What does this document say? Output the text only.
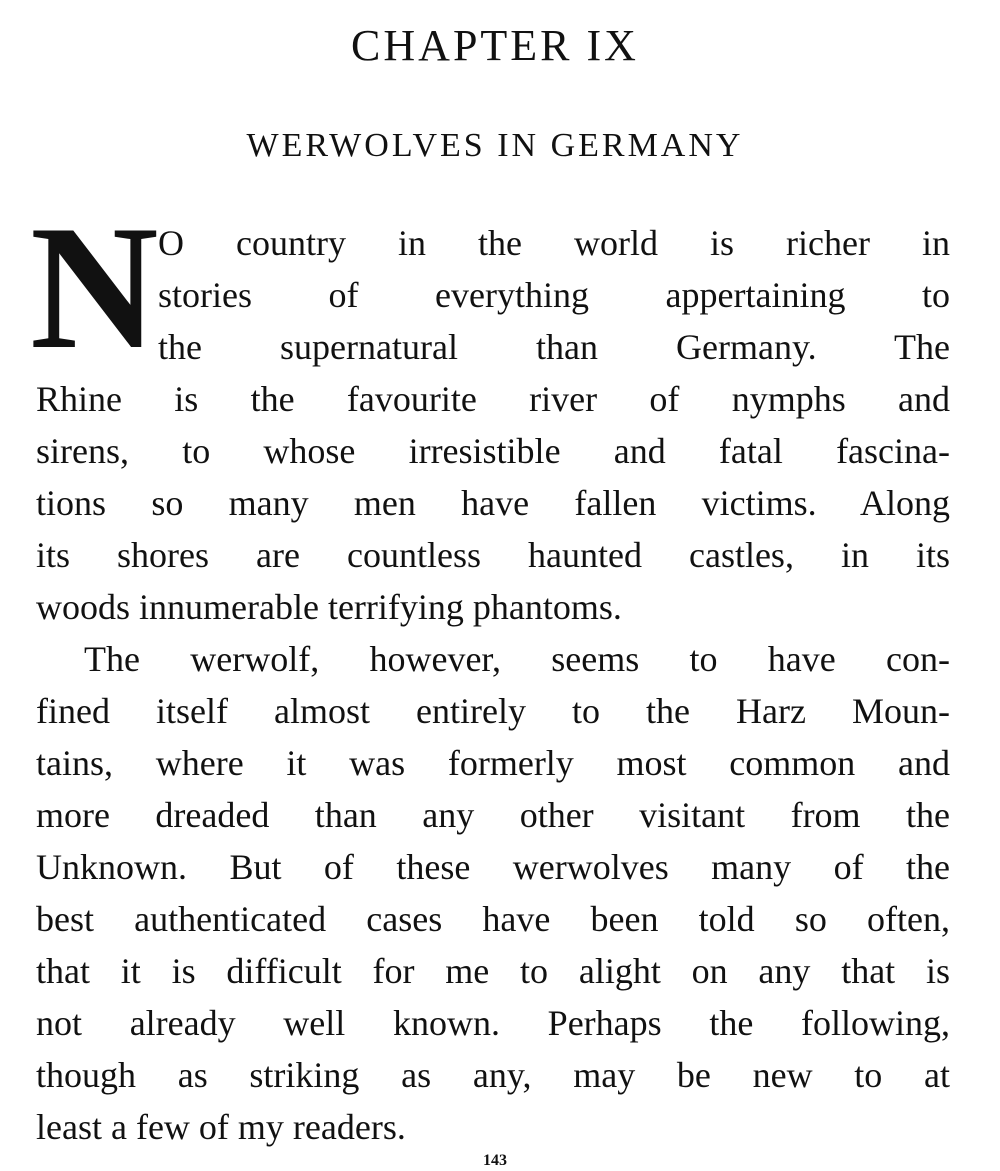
CHAPTER IX
WERWOLVES IN GERMANY
N O country in the world is richer in
stories of everything appertaining to
the supernatural than Germany. The
Rhine is the favourite river of nymphs and
sirens, to whose irresistible and fatal fascina-
tions so many men have fallen victims. Along
its shores are countless haunted castles, in its
woods innumerable terrifying phantoms.
The werwolf, however, seems to have con-
fined itself almost entirely to the Harz Moun-
tains, where it was formerly most common and
more dreaded than any other visitant from the
Unknown. But of these werwolves many of the
best authenticated cases have been told so often,
that it is difficult for me to alight on any that is
not already well known. Perhaps the following,
though as striking as any, may be new to at
least a few of my readers.
143
